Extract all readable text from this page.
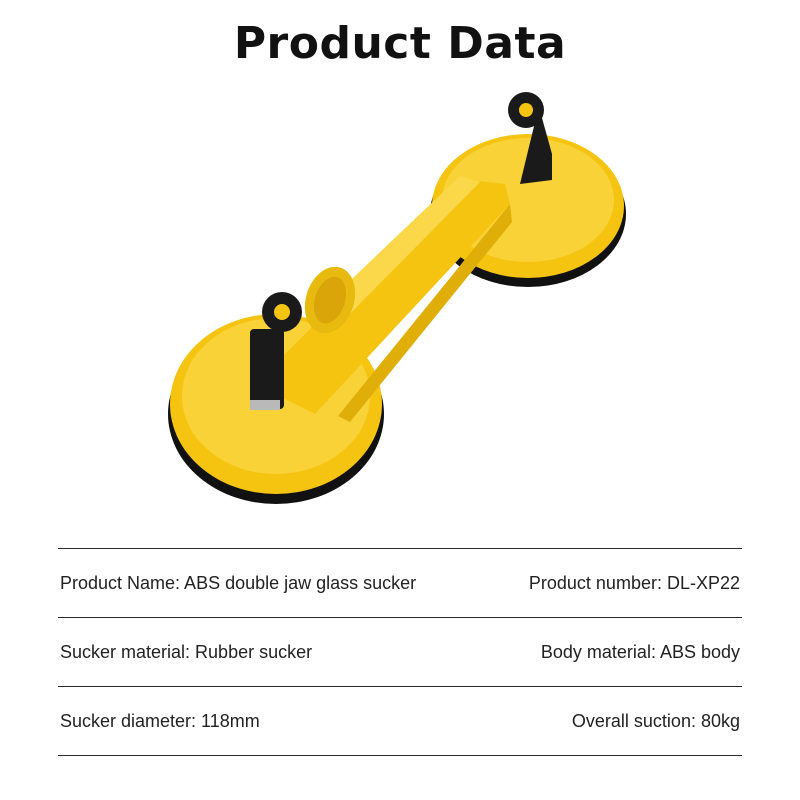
Product Data
Product Name: ABS double jaw glass sucker	Product number: DL-XP22
Sucker material: Rubber sucker	Body material: ABS body
Sucker diameter: 118mm	Overall suction: 80kg
